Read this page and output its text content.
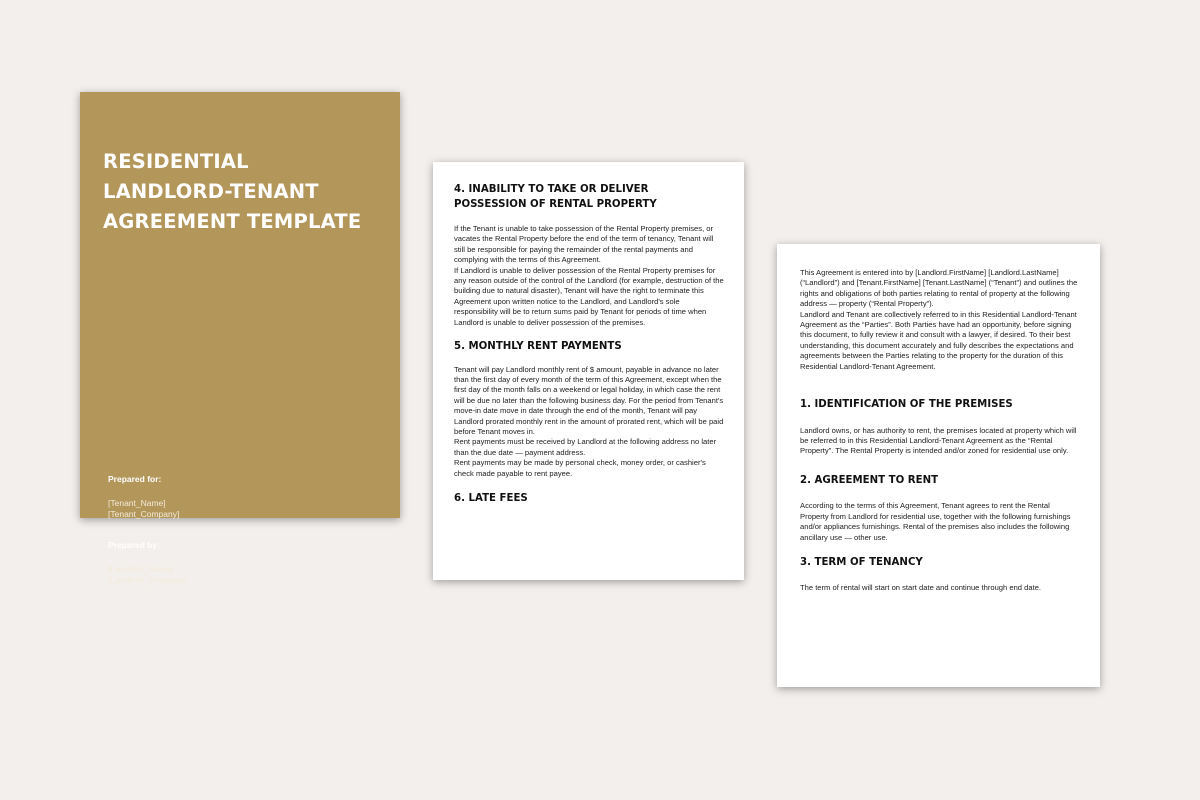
RESIDENTIAL
LANDLORD-TENANT
AGREEMENT TEMPLATE
Prepared for:
[Tenant_Name]
[Tenant_Company]
Prepared by:
[Landlord_Name]
[Landlord_Company]
4. INABILITY TO TAKE OR DELIVER POSSESSION OF RENTAL PROPERTY

If the Tenant is unable to take possession of the Rental Property premises, or vacates the Rental Property before the end of the term of tenancy, Tenant will still be responsible for paying the remainder of the rental payments and complying with the terms of this Agreement.
If Landlord is unable to deliver possession of the Rental Property premises for any reason outside of the control of the Landlord (for example, destruction of the building due to natural disaster), Tenant will have the right to terminate this Agreement upon written notice to the Landlord, and Landlord's sole responsibility will be to return sums paid by Tenant for periods of time when Landlord is unable to deliver possession of the premises.

5. MONTHLY RENT PAYMENTS

Tenant will pay Landlord monthly rent of $ amount, payable in advance no later than the first day of every month of the term of this Agreement, except when the first day of the month falls on a weekend or legal holiday, in which case the rent will be due no later than the following business day. For the period from Tenant's move-in date move in date through the end of the month, Tenant will pay Landlord prorated monthly rent in the amount of prorated rent, which will be paid before Tenant moves in.
Rent payments must be received by Landlord at the following address no later than the due date — payment address.
Rent payments may be made by personal check, money order, or cashier's check made payable to rent payee.

6. LATE FEES

This Agreement is entered into by [Landlord.FirstName] [Landlord.LastName] (“Landlord”) and [Tenant.FirstName] [Tenant.LastName] (“Tenant”) and outlines the rights and obligations of both parties relating to rental of property at the following address — property (“Rental Property”).
Landlord and Tenant are collectively referred to in this Residential Landlord-Tenant Agreement as the “Parties”. Both Parties have had an opportunity, before signing this document, to fully review it and consult with a lawyer, if desired. To their best understanding, this document accurately and fully describes the expectations and agreements between the Parties relating to the property for the duration of this Residential Landlord-Tenant Agreement.

1. IDENTIFICATION OF THE PREMISES

Landlord owns, or has authority to rent, the premises located at property which will be referred to in this Residential Landlord-Tenant Agreement as the “Rental Property”. The Rental Property is intended and/or zoned for residential use only.

2. AGREEMENT TO RENT

According to the terms of this Agreement, Tenant agrees to rent the Rental Property from Landlord for residential use, together with the following furnishings and/or appliances furnishings. Rental of the premises also includes the following ancillary use — other use.

3. TERM OF TENANCY

The term of rental will start on start date and continue through end date.
